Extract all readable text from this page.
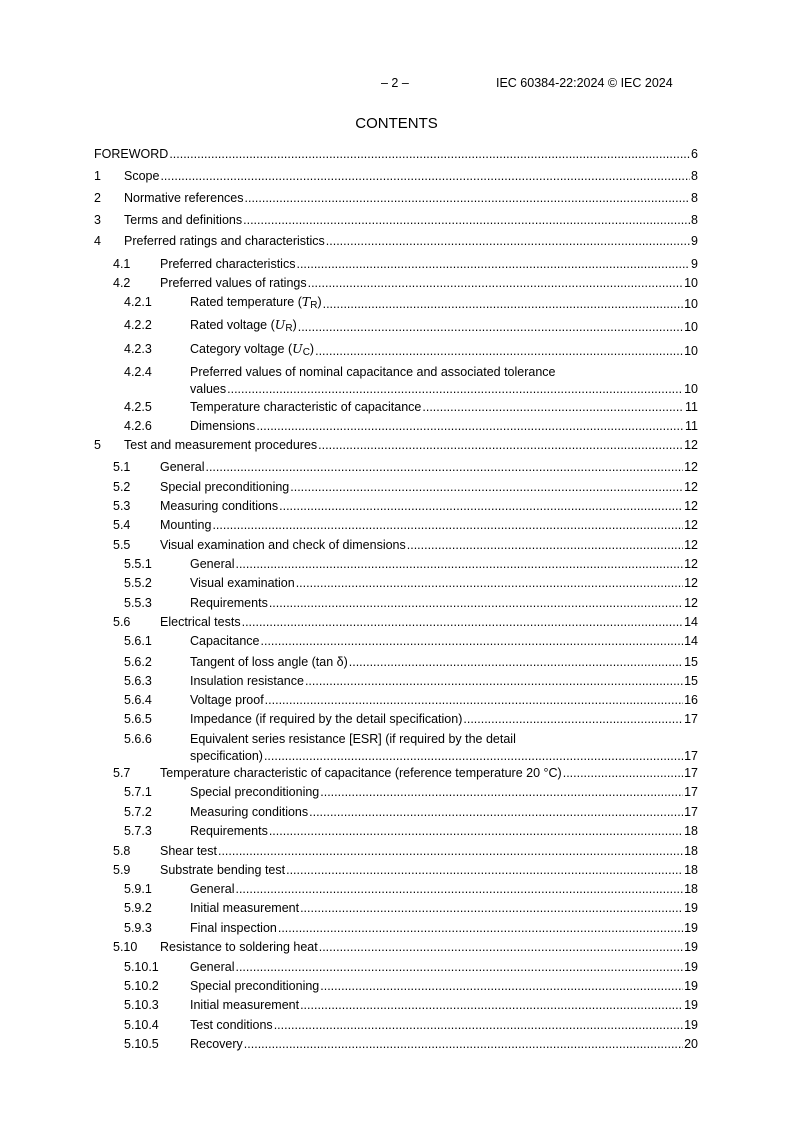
– 2 –	IEC 60384-22:2024 © IEC 2024
CONTENTS
FOREWORD .....	6
1 Scope .....	8
2 Normative references .....	8
3 Terms and definitions .....	8
4 Preferred ratings and characteristics .....	9
4.1 Preferred characteristics .....	9
4.2 Preferred values of ratings .....	10
4.2.1	Rated temperature (TR) .....	10
4.2.2	Rated voltage (UR) .....	10
4.2.3	Category voltage (UC) .....	10
4.2.4	Preferred values of nominal capacitance and associated tolerance
values .....	10
4.2.5	Temperature characteristic of capacitance .....	11
4.2.6	Dimensions .....	11
5 Test and measurement procedures .....	12
5.1 General .....	12
5.2 Special preconditioning .....	12
5.3 Measuring conditions .....	12
5.4 Mounting .....	12
5.5 Visual examination and check of dimensions .....	12
5.5.1	General .....	12
5.5.2	Visual examination .....	12
5.5.3	Requirements .....	12
5.6 Electrical tests .....	14
5.6.1	Capacitance .....	14
5.6.2	Tangent of loss angle (tan δ) .....	15
5.6.3	Insulation resistance .....	15
5.6.4	Voltage proof .....	16
5.6.5	Impedance (if required by the detail specification) .....	17
5.6.6	Equivalent series resistance [ESR] (if required by the detail
specification) .....	17
5.7 Temperature characteristic of capacitance (reference temperature 20 °C) .....	17
5.7.1	Special preconditioning .....	17
5.7.2	Measuring conditions .....	17
5.7.3	Requirements .....	18
5.8 Shear test .....	18
5.9 Substrate bending test .....	18
5.9.1	General .....	18
5.9.2	Initial measurement .....	19
5.9.3	Final inspection .....	19
5.10 Resistance to soldering heat .....	19
5.10.1 General .....	19
5.10.2 Special preconditioning .....	19
5.10.3 Initial measurement .....	19
5.10.4 Test conditions .....	19
5.10.5 Recovery .....	20
